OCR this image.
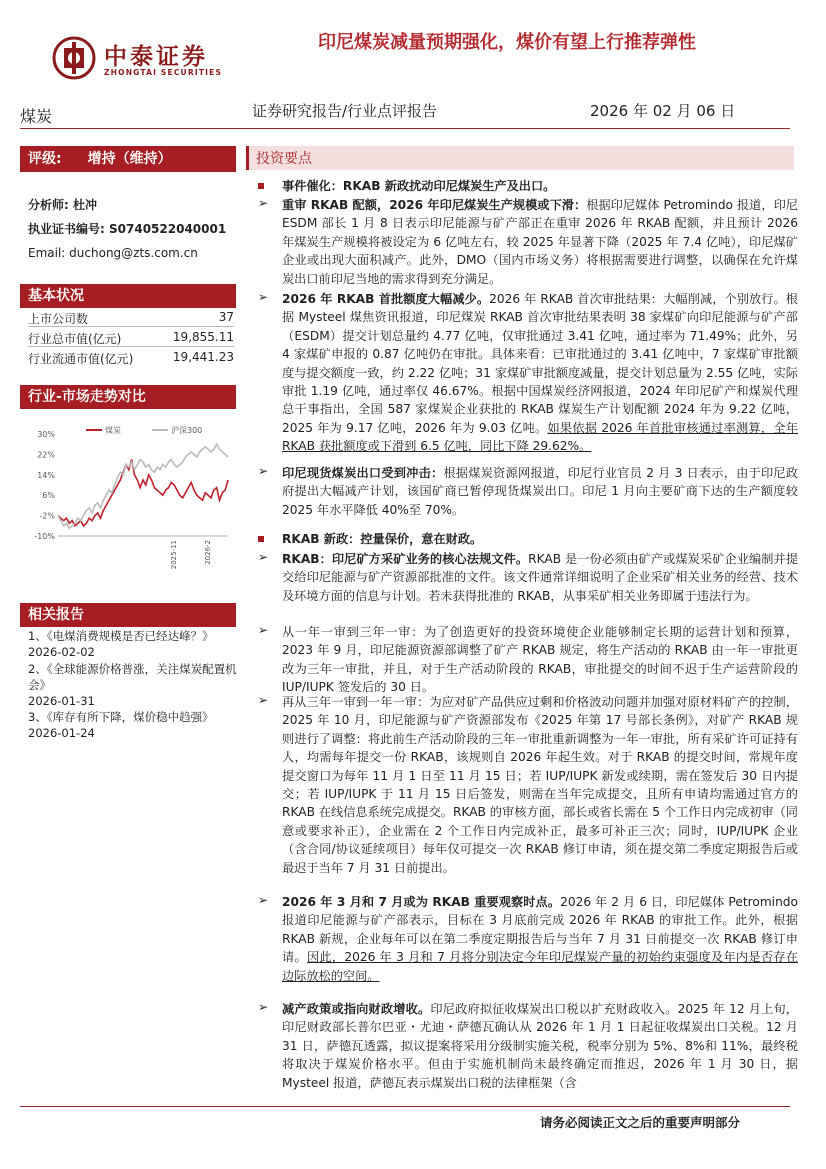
中泰证券
ZHONGTAI SECURITIES
印尼煤炭减量预期强化，煤价有望上行推荐弹性
煤炭	证券研究报告/行业点评报告	2026 年 02 月 06 日
评级: 增持（维持）
分析师: 杜冲
执业证书编号: S0740522040001
Email: duchong@zts.com.cn
基本状况
上市公司数	37
行业总市值(亿元)	19,855.11
行业流通市值(亿元)	19,441.23
行业-市场走势对比
30%
22%
14%
6%
-2%
-10%
煤炭	沪深300
2025-11	2026-2
相关报告
1、《电煤消费规模是否已经达峰？》
2026-02-02
2、《全球能源价格普涨，关注煤炭配置机会》
2026-01-31
3、《库存有所下降，煤价稳中趋强》
2026-01-24
投资要点
事件催化：RKAB 新政扰动印尼煤炭生产及出口。
➢ 重审 RKAB 配额，2026 年印尼煤炭生产规模或下滑：根据印尼媒体 Petromindo 报道，印尼 ESDM 部长 1 月 8 日表示印尼能源与矿产部正在重审 2026 年 RKAB 配额，并且预计 2026 年煤炭生产规模将被设定为 6 亿吨左右，较 2025 年显著下降（2025 年 7.4 亿吨），印尼煤矿企业或出现大面积减产。此外，DMO（国内市场义务）将根据需要进行调整，以确保在允许煤炭出口前印尼当地的需求得到充分满足。
➢ 2026 年 RKAB 首批额度大幅减少。2026 年 RKAB 首次审批结果：大幅削减，个别放行。根据 Mysteel 煤焦资讯报道，印尼煤炭 RKAB 首次审批结果表明 38 家煤矿向印尼能源与矿产部（ESDM）提交计划总量约 4.77 亿吨，仅审批通过 3.41 亿吨，通过率为 71.49%；此外，另 4 家煤矿申报的 0.87 亿吨仍在审批。具体来看：已审批通过的 3.41 亿吨中，7 家煤矿审批额度与提交额度一致，约 2.22 亿吨；31 家煤矿审批额度减量，提交计划总量为 2.55 亿吨，实际审批 1.19 亿吨，通过率仅 46.67%。根据中国煤炭经济网报道，2024 年印尼矿产和煤炭代理总干事指出，全国 587 家煤炭企业获批的 RKAB 煤炭生产计划配额 2024 年为 9.22 亿吨，2025 年为 9.17 亿吨，2026 年为 9.03 亿吨。如果依据 2026 年首批审核通过率测算，全年 RKAB 获批额度或下滑到 6.5 亿吨，同比下降 29.62%。
➢ 印尼现货煤炭出口受到冲击：根据煤炭资源网报道，印尼行业官员 2 月 3 日表示，由于印尼政府提出大幅减产计划，该国矿商已暂停现货煤炭出口。印尼 1 月向主要矿商下达的生产额度较 2025 年水平降低 40%至 70%。
RKAB 新政：控量保价，意在财政。
➢ RKAB：印尼矿方采矿业务的核心法规文件。RKAB 是一份必须由矿产或煤炭采矿企业编制并提交给印尼能源与矿产资源部批准的文件。该文件通常详细说明了企业采矿相关业务的经营、技术及环境方面的信息与计划。若未获得批准的 RKAB，从事采矿相关业务即属于违法行为。
➢ 从一年一审到三年一审：为了创造更好的投资环境使企业能够制定长期的运营计划和预算，2023 年 9 月，印尼能源资源部调整了矿产 RKAB 规定，将生产活动的 RKAB 由一年一审批更改为三年一审批，并且，对于生产活动阶段的 RKAB，审批提交的时间不迟于生产运营阶段的 IUP/IUPK 签发后的 30 日。
➢ 再从三年一审到一年一审：为应对矿产品供应过剩和价格波动问题并加强对原材料矿产的控制，2025 年 10 月，印尼能源与矿产资源部发布《2025 年第 17 号部长条例》，对矿产 RKAB 规则进行了调整：将此前生产活动阶段的三年一审批重新调整为一年一审批，所有采矿许可证持有人，均需每年提交一份 RKAB，该规则自 2026 年起生效。对于 RKAB 的提交时间，常规年度提交窗口为每年 11 月 1 日至 11 月 15 日；若 IUP/IUPK 新发或续期，需在签发后 30 日内提交；若 IUP/IUPK 于 11 月 15 日后签发，则需在当年完成提交，且所有申请均需通过官方的 RKAB 在线信息系统完成提交。RKAB 的审核方面，部长或省长需在 5 个工作日内完成初审（同意或要求补正），企业需在 2 个工作日内完成补正，最多可补正三次；同时，IUP/IUPK 企业（含合同/协议延续项目）每年仅可提交一次 RKAB 修订申请，须在提交第二季度定期报告后或最迟于当年 7 月 31 日前提出。
➢ 2026 年 3 月和 7 月或为 RKAB 重要观察时点。2026 年 2 月 6 日，印尼媒体 Petromindo 报道印尼能源与矿产部表示，目标在 3 月底前完成 2026 年 RKAB 的审批工作。此外，根据 RKAB 新规，企业每年可以在第二季度定期报告后与当年 7 月 31 日前提交一次 RKAB 修订申请。因此，2026 年 3 月和 7 月将分别决定今年印尼煤炭产量的初始约束强度及年内是否存在边际放松的空间。
➢ 减产政策或指向财政增收。印尼政府拟征收煤炭出口税以扩充财政收入。2025 年 12 月上旬，印尼财政部长普尔巴亚・尤迪・萨德瓦确认从 2026 年 1 月 1 日起征收煤炭出口关税。12 月 31 日，萨德瓦透露，拟议提案将采用分级制实施关税，税率分别为 5%、8%和 11%，最终税将取决于煤炭价格水平。但由于实施机制尚未最终确定而推迟，2026 年 1 月 30 日，据 Mysteel 报道，萨德瓦表示煤炭出口税的法律框架（含
请务必阅读正文之后的重要声明部分
